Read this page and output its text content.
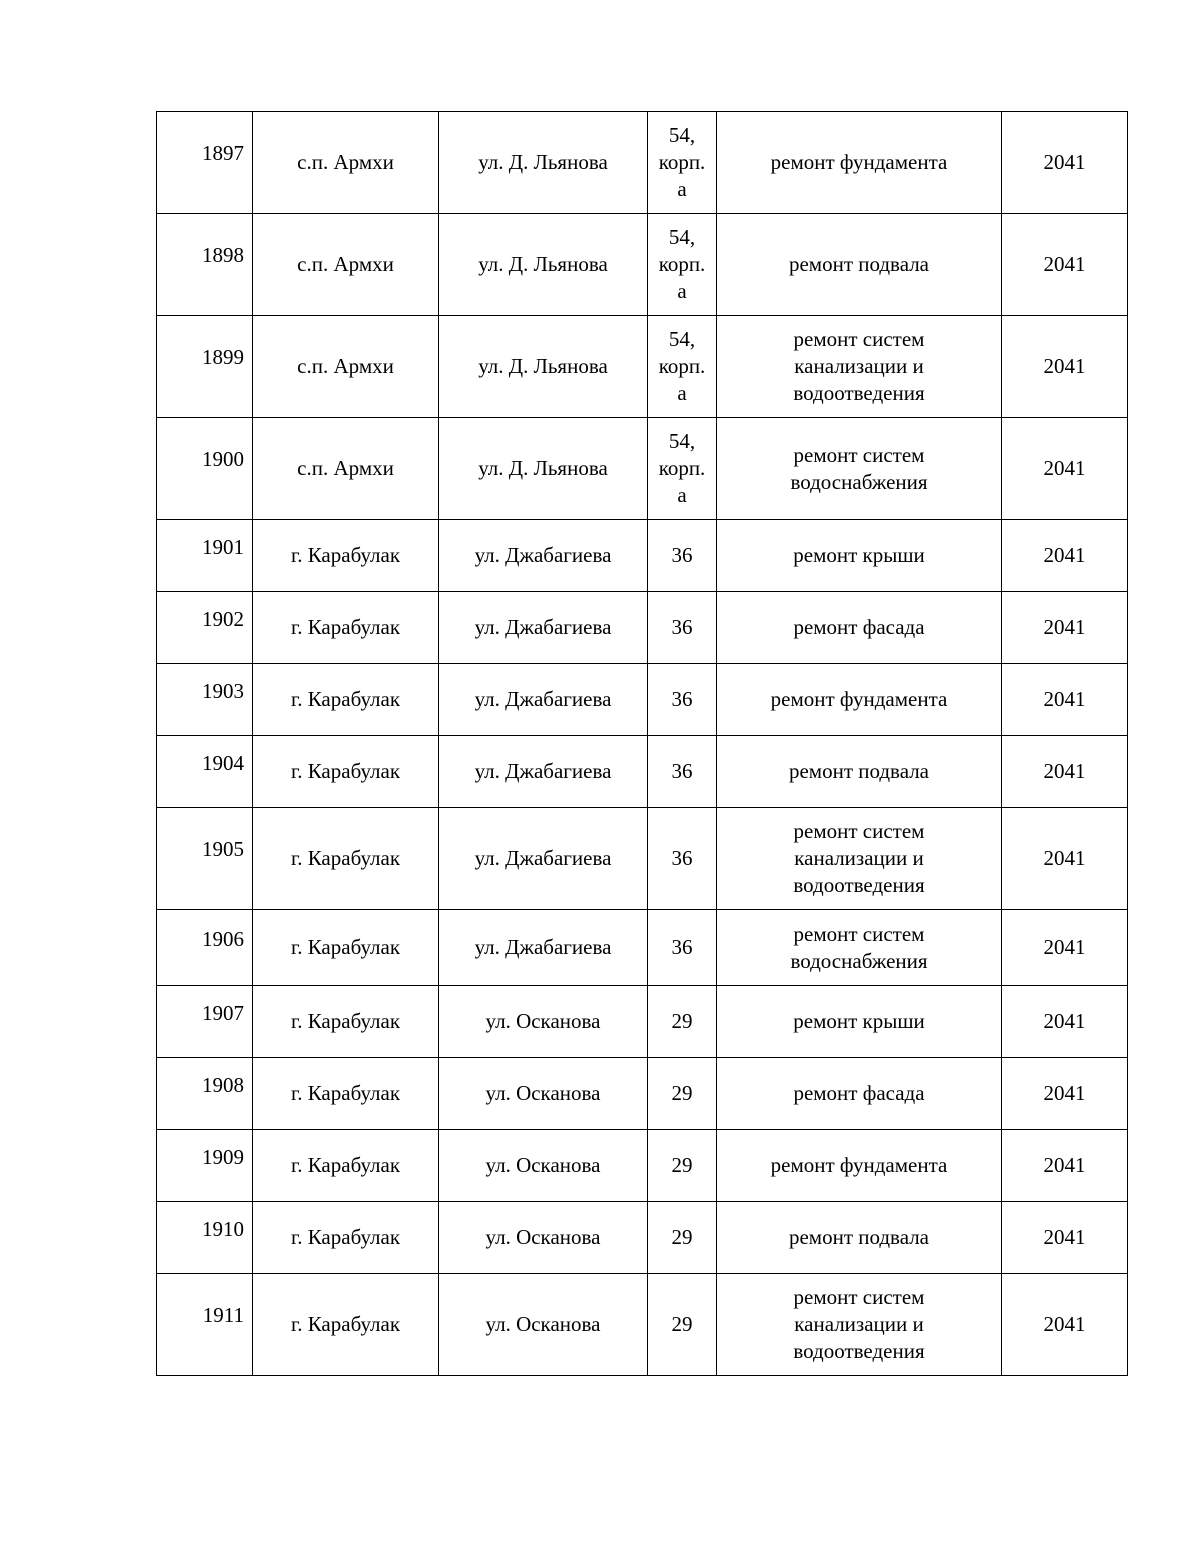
1897	с.п. Армхи	ул. Д. Льянова	54,
корп.
а	ремонт фундамента	2041
1898	с.п. Армхи	ул. Д. Льянова	54,
корп.
а	ремонт подвала	2041
1899	с.п. Армхи	ул. Д. Льянова	54,
корп.
а	ремонт систем
канализации и
водоотведения	2041
1900	с.п. Армхи	ул. Д. Льянова	54,
корп.
а	ремонт систем
водоснабжения	2041
1901	г. Карабулак	ул. Джабагиева	36	ремонт крыши	2041
1902	г. Карабулак	ул. Джабагиева	36	ремонт фасада	2041
1903	г. Карабулак	ул. Джабагиева	36	ремонт фундамента	2041
1904	г. Карабулак	ул. Джабагиева	36	ремонт подвала	2041
1905	г. Карабулак	ул. Джабагиева	36	ремонт систем
канализации и
водоотведения	2041
1906	г. Карабулак	ул. Джабагиева	36	ремонт систем
водоснабжения	2041
1907	г. Карабулак	ул. Осканова	29	ремонт крыши	2041
1908	г. Карабулак	ул. Осканова	29	ремонт фасада	2041
1909	г. Карабулак	ул. Осканова	29	ремонт фундамента	2041
1910	г. Карабулак	ул. Осканова	29	ремонт подвала	2041
1911	г. Карабулак	ул. Осканова	29	ремонт систем
канализации и
водоотведения	2041
